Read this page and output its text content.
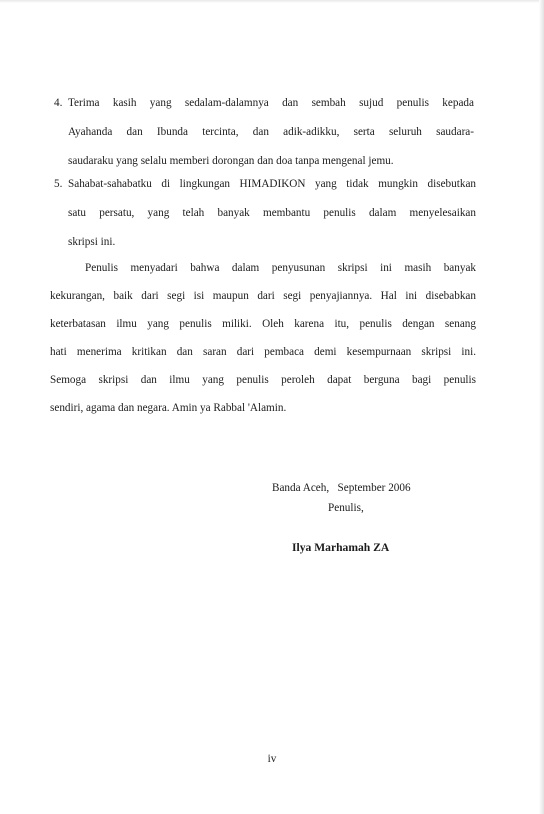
4. Terima kasih yang sedalam-dalamnya dan sembah sujud penulis kepada
Ayahanda dan Ibunda tercinta, dan adik-adikku, serta seluruh saudara-
saudaraku yang selalu memberi dorongan dan doa tanpa mengenal jemu.
5. Sahabat-sahabatku di lingkungan HIMADIKON yang tidak mungkin disebutkan
satu persatu, yang telah banyak membantu penulis dalam menyelesaikan
skripsi ini.
Penulis menyadari bahwa dalam penyusunan skripsi ini masih banyak
kekurangan, baik dari segi isi maupun dari segi penyajiannya. Hal ini disebabkan
keterbatasan ilmu yang penulis miliki. Oleh karena itu, penulis dengan senang
hati menerima kritikan dan saran dari pembaca demi kesempurnaan skripsi ini.
Semoga skripsi dan ilmu yang penulis peroleh dapat berguna bagi penulis
sendiri, agama dan negara. Amin ya Rabbal 'Alamin.
Banda Aceh,   September 2006
Penulis,
Ilya Marhamah ZA
iv
